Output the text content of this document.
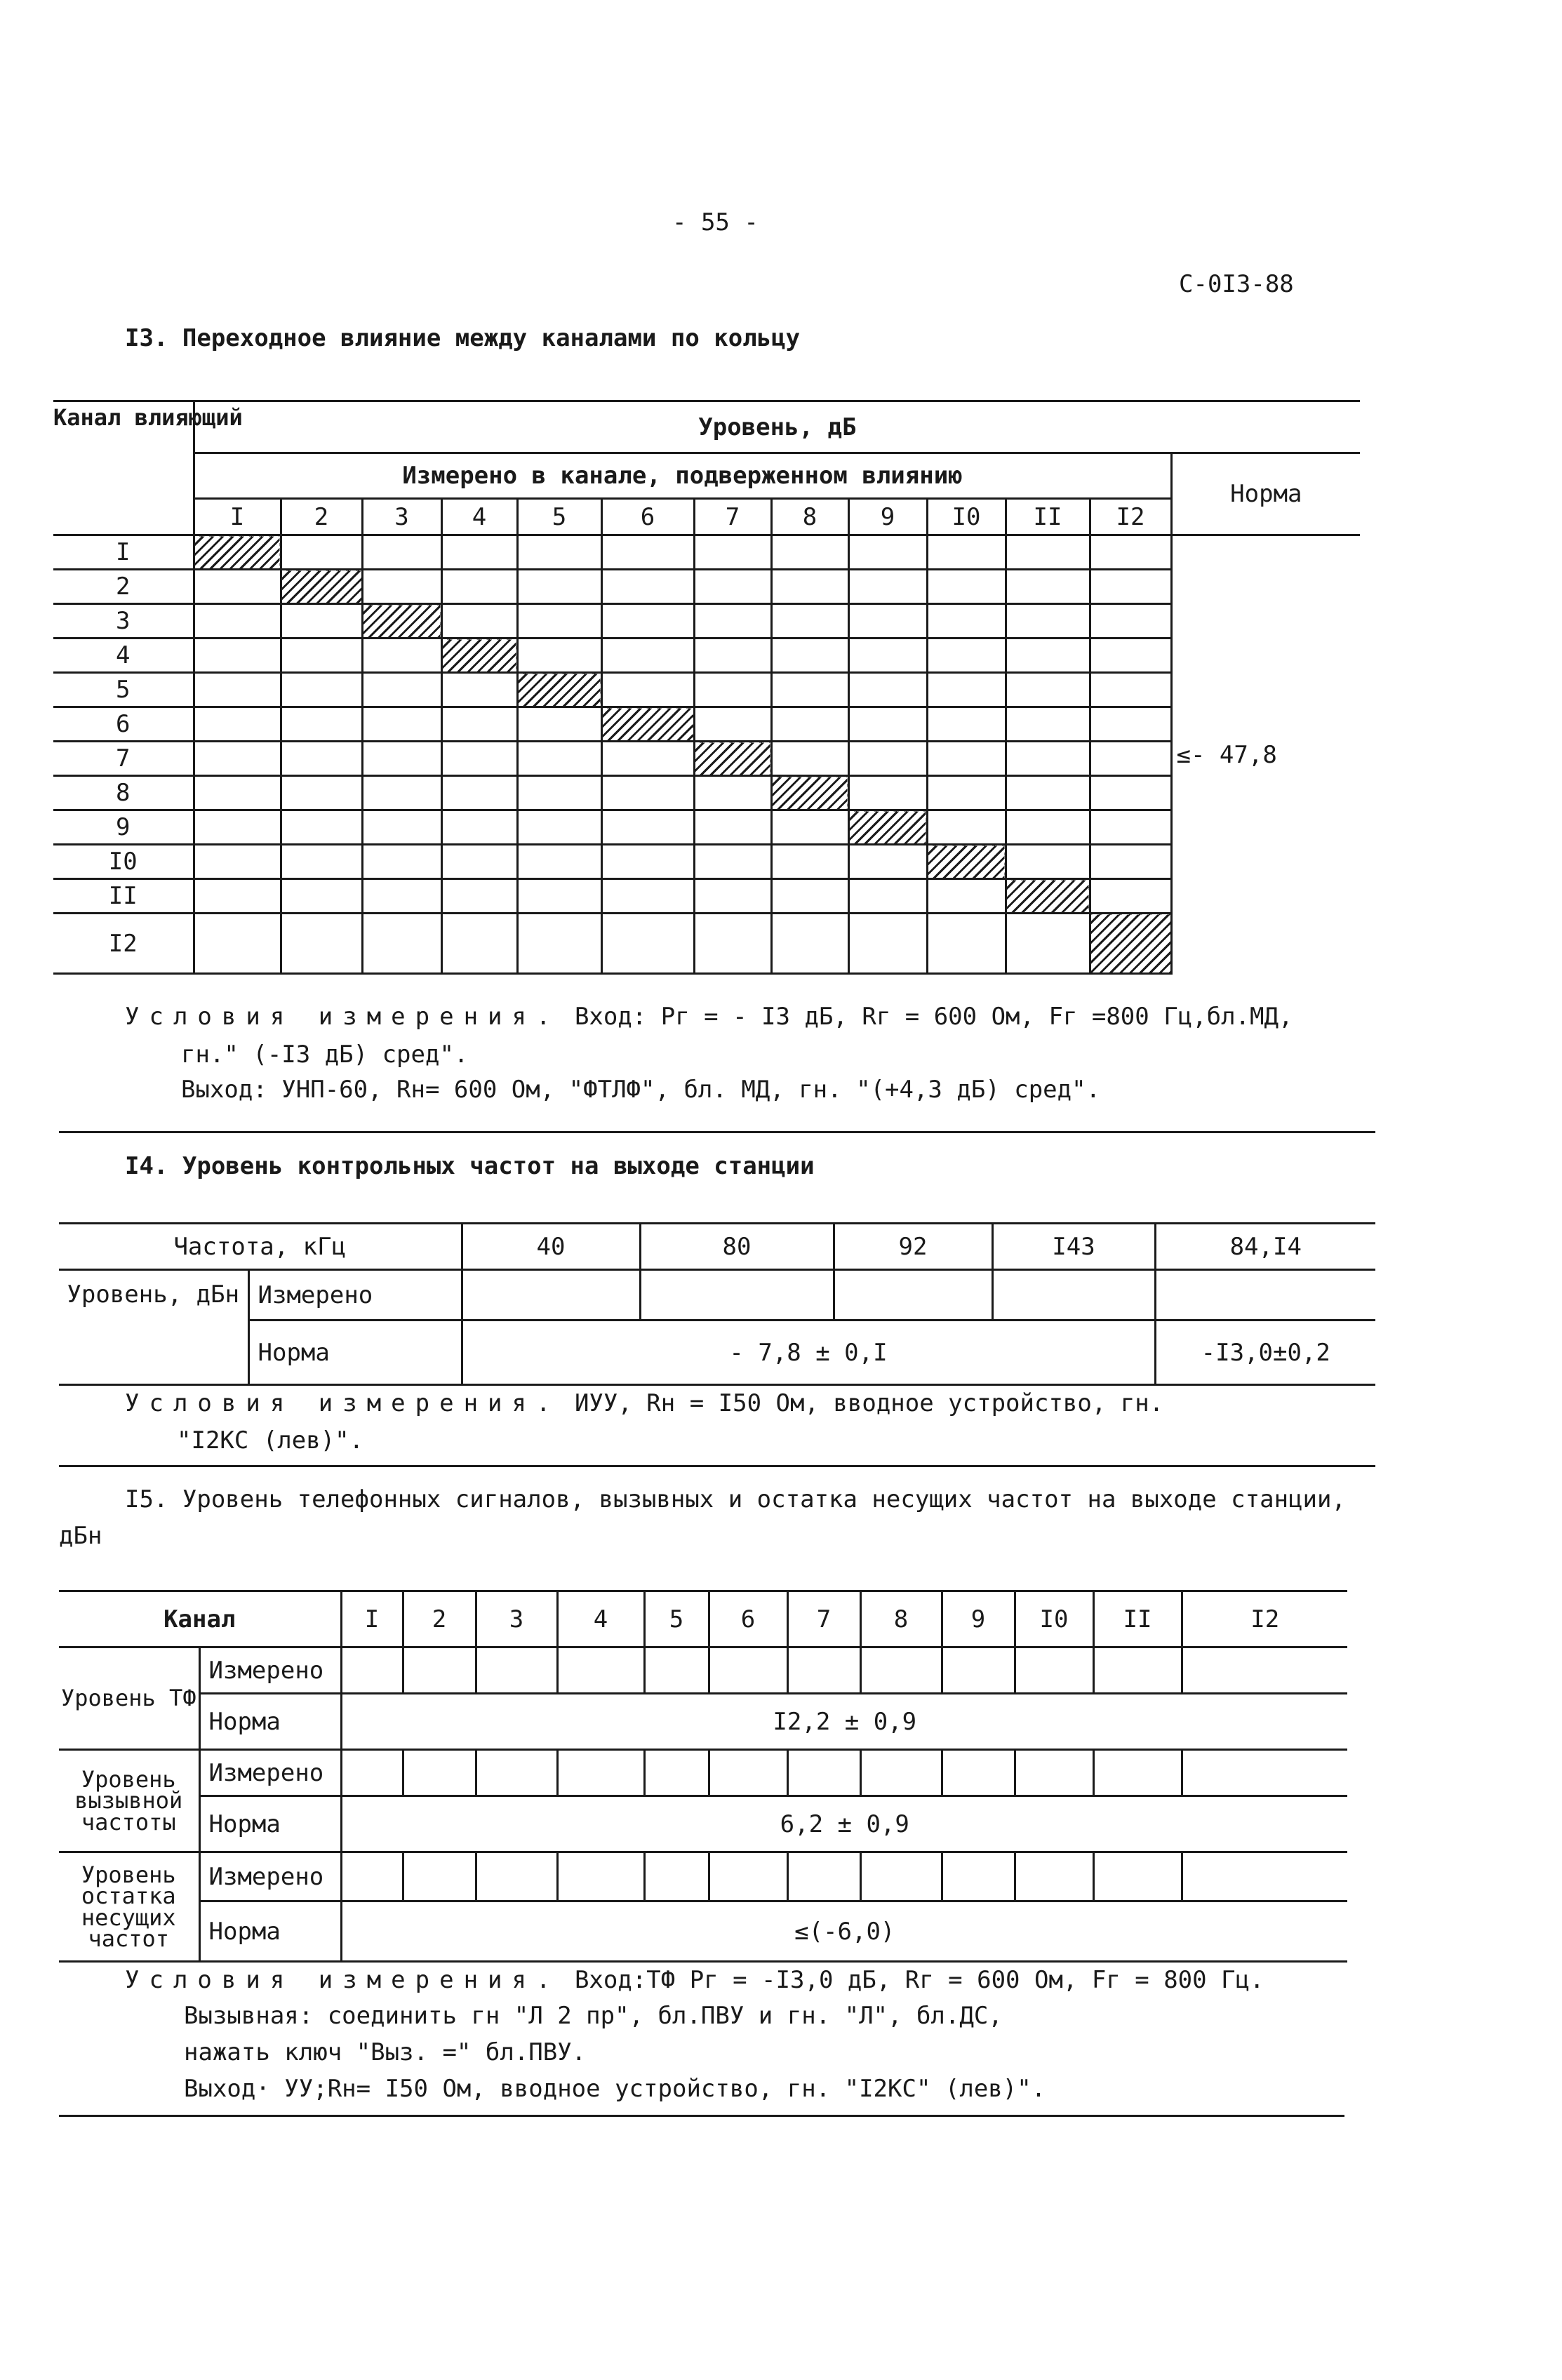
- 55 -
С-0I3-88
I3. Переходное влияние между каналами по кольцу
Канал влияющий	Уровень, дБ												
	Измерено в канале, подверженном влиянию												Норма
	I	2	3	4	5	6	7	8	9	I0	II	I2	
I													≤- 47,8
2													
3													
4													
5													
6													
7													
8													
9													
I0													
II													
I2													
Условия измерения. Вход: Pг = - I3 дБ, Rг = 600 Ом, Fг =800 Гц,бл.МД,
гн." (-I3 дБ) сред".
Выход: УНП-60, Rн= 600 Ом, "ФТЛФ", бл. МД, гн. "(+4,3 дБ) сред".
I4. Уровень контрольных частот на выходе станции
Частота, кГц		40	80	92	I43	84,I4
Уровень, дБн	Измерено					
	Норма	- 7,8 ± 0,I				-I3,0±0,2
Условия измерения. ИУУ, Rн = I50 Ом, вводное устройство, гн.
"I2КС (лев)".
I5. Уровень телефонных сигналов, вызывных и остатка несущих частот на выходе станции,
дБн
Канал		I	2	3	4	5	6	7	8	9	I0	II	I2
Уровень ТФ	Измерено												
	Норма	I2,2 ± 0,9											
Уровень вызывной частоты	Измерено												
	Норма	6,2 ± 0,9											
Уровень остатка несущих частот	Измерено												
	Норма	≤(-6,0)											
Условия измерения. Вход:ТФ Pг = -I3,0 дБ, Rг = 600 Ом, Fг = 800 Гц.
Вызывная: соединить гн "Л 2 пр", бл.ПВУ и гн. "Л", бл.ДС,
нажать ключ "Выз. =" бл.ПВУ.
Выход· УУ;Rн= I50 Ом, вводное устройство, гн. "I2КС" (лев)".
